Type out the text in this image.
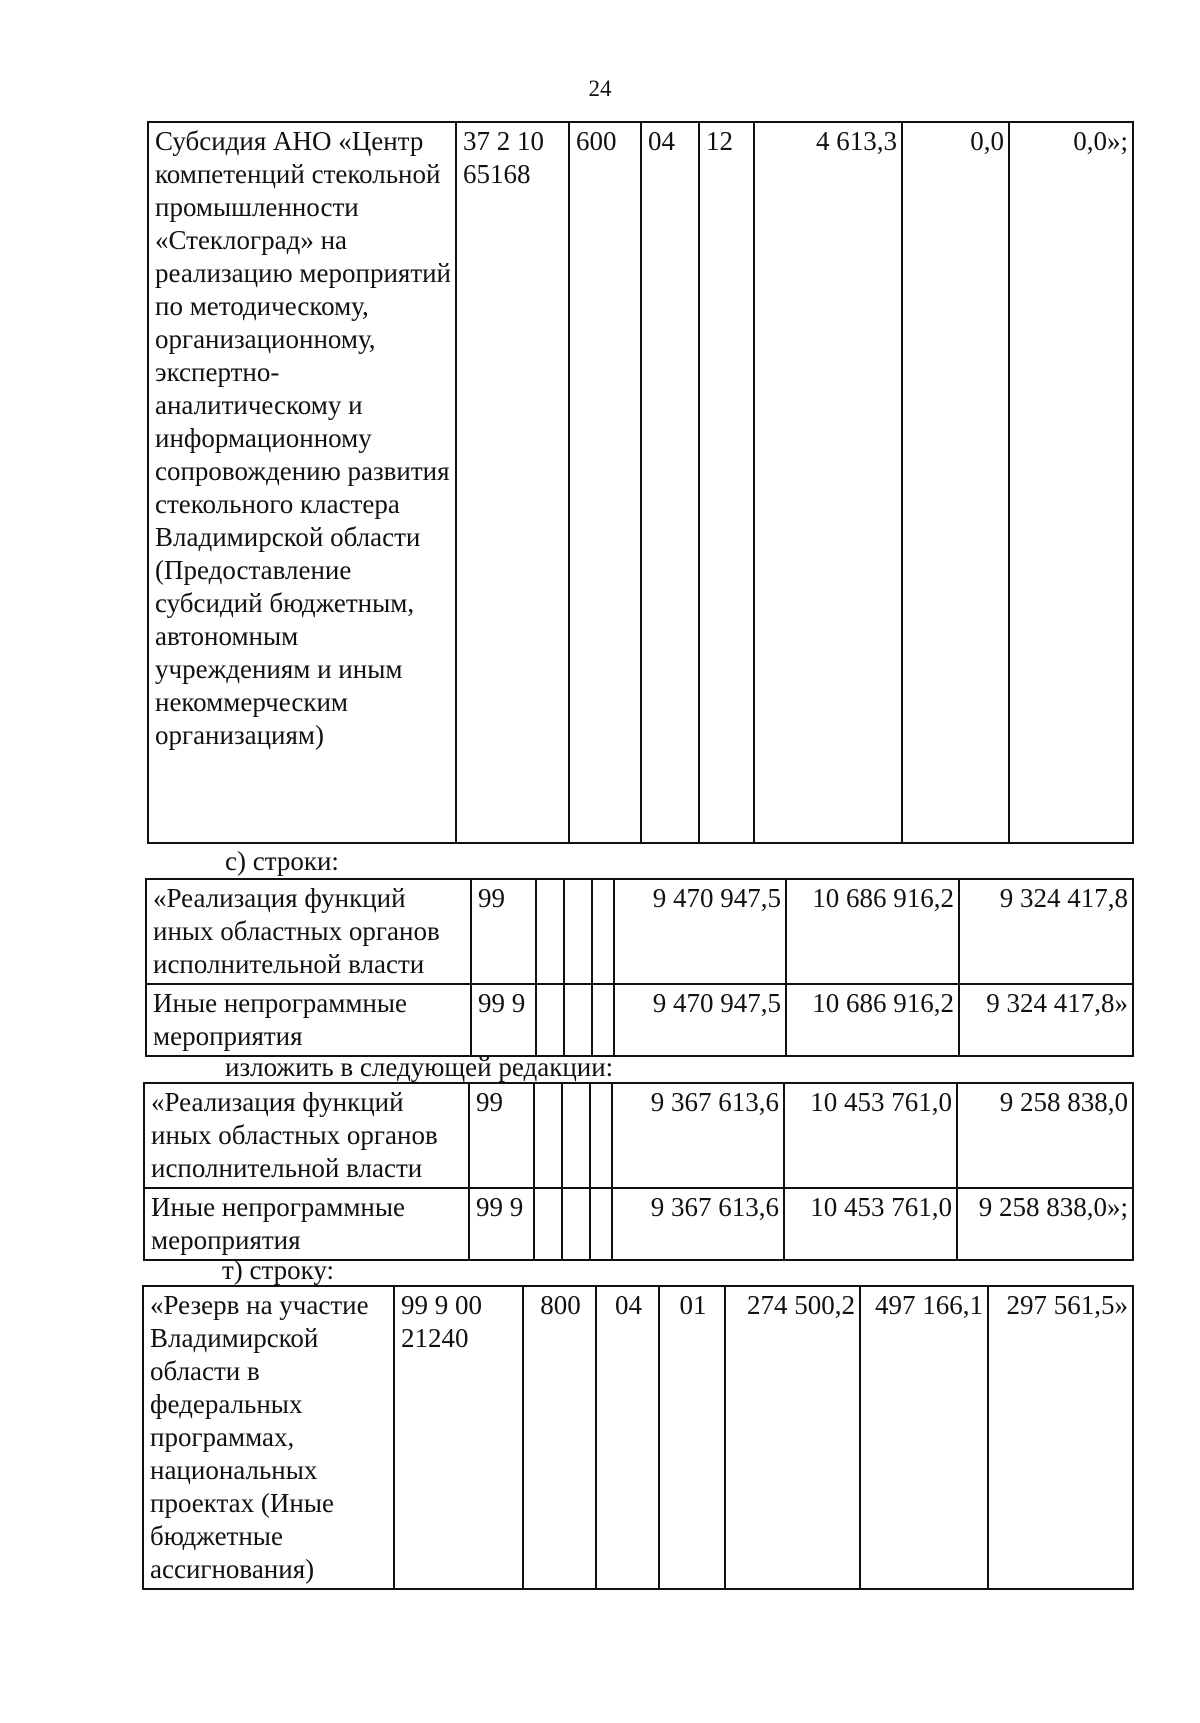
24
Субсидия АНО «Центр компетенций стекольной промышленности «Стеклоград» на реализацию мероприятий по методическому, организационному, экспертно-аналитическому и информационному сопровождению развития стекольного кластера Владимирской области (Предоставление субсидий бюджетным, автономным учреждениям и иным некоммерческим организациям)	37 2 10 65168	600	04	12	4 613,3	0,0	0,0»;
с) строки:
«Реализация функций иных областных органов исполнительной власти	99				9 470 947,5	10 686 916,2	9 324 417,8
Иные непрограммные мероприятия	99 9				9 470 947,5	10 686 916,2	9 324 417,8»
изложить в следующей редакции:
«Реализация функций иных областных органов исполнительной власти	99				9 367 613,6	10 453 761,0	9 258 838,0
Иные непрограммные мероприятия	99 9				9 367 613,6	10 453 761,0	9 258 838,0»;
т) строку:
«Резерв на участие Владимирской области в федеральных программах, национальных проектах (Иные бюджетные ассигнования)	99 9 00 21240	800	04	01	274 500,2	497 166,1	297 561,5»
